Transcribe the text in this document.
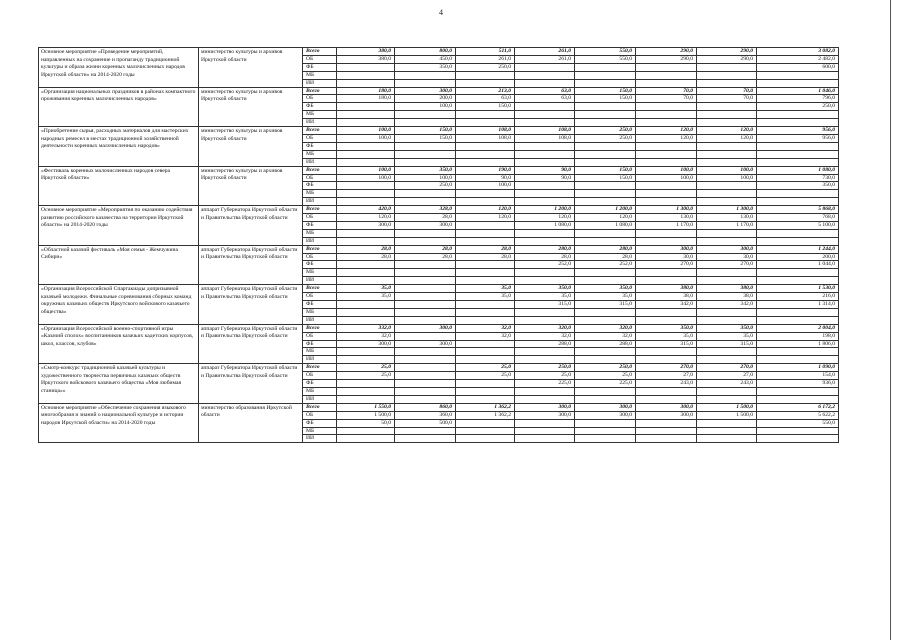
4
Основное мероприятие «Проведение мероприятий, направленных на сохранение и пропаганду традиционной культуры и образа жизни коренных малочисленных народов Иркутской области» на 2014-2020 годы	министерство культуры и архивов Иркутской области	Всего	380,0	800,0	511,0	261,0	550,0	290,0	290,0	3 082,0
		ОБ	380,0	450,0	261,0	261,0	550,0	290,0	290,0	2 482,0
		ФБ		350,0	250,0					600,0
		МБ								
		ИИ								
«Организация национальных праздников в районах компактного проживания коренных малочисленных народов»	министерство культуры и архивов Иркутской области	Всего	180,0	300,0	213,0	63,0	150,0	70,0	70,0	1 046,0
		ОБ	180,0	200,0	63,0	63,0	150,0	70,0	70,0	796,0
		ФБ		100,0	150,0					250,0
		МБ								
		ИИ								
«Приобретение сырья, расходных материалов для мастерских народных ремесел в местах традиционной хозяйственной деятельности коренных малочисленных народов»	министерство культуры и архивов Иркутской области	Всего	100,0	150,0	108,0	108,0	250,0	120,0	120,0	956,0
		ОБ	100,0	150,0	108,0	108,0	250,0	120,0	120,0	956,0
		ФБ								
		МБ								
		ИИ								
«Фестиваль коренных малочисленных народов севера Иркутской области»	министерство культуры и архивов Иркутской области	Всего	100,0	350,0	190,0	90,0	150,0	100,0	100,0	1 080,0
		ОБ	100,0	100,0	90,0	90,0	150,0	100,0	100,0	730,0
		ФБ		250,0	100,0					350,0
		МБ								
		ИИ								
Основное мероприятие «Мероприятия по оказанию содействия развитию российского казачества на территории Иркутской области» на 2014-2020 годы	аппарат Губернатора Иркутской области и Правительства Иркутской области	Всего	420,0	328,0	120,0	1 200,0	1 200,0	1 300,0	1 300,0	5 868,0
		ОБ	120,0	28,0	120,0	120,0	120,0	130,0	130,0	768,0
		ФБ	300,0	300,0		1 080,0	1 080,0	1 170,0	1 170,0	5 100,0
		МБ								
		ИИ								
«Областной казачий фестиваль «Моя семья - Жемчужина Сибири»	аппарат Губернатора Иркутской области и Правительства Иркутской области	Всего	28,0	28,0	28,0	280,0	280,0	300,0	300,0	1 244,0
		ОБ	28,0	28,0	28,0	28,0	28,0	30,0	30,0	200,0
		ФБ				252,0	252,0	270,0	270,0	1 044,0
		МБ								
		ИИ								
«Организация Всероссийской Спартакиады допризывной казачьей молодежи. Финальные соревнования сборных команд окружных казачьих обществ Иркутского войскового казачьего общества»	аппарат Губернатора Иркутской области и Правительства Иркутской области	Всего	35,0		35,0	350,0	350,0	380,0	380,0	1 530,0
		ОБ	35,0		35,0	35,0	35,0	38,0	38,0	216,0
		ФБ				315,0	315,0	342,0	342,0	1 314,0
		МБ								
		ИИ								
«Организация Всероссийской военно-спортивной игры «Казачий сполох» воспитанников казачьих кадетских корпусов, школ, классов, клубов»	аппарат Губернатора Иркутской области и Правительства Иркутской области	Всего	332,0	300,0	32,0	320,0	320,0	350,0	350,0	2 004,0
		ОБ	32,0		32,0	32,0	32,0	35,0	35,0	198,0
		ФБ	300,0	300,0		288,0	288,0	315,0	315,0	1 806,0
		МБ								
		ИИ								
«Смотр-конкурс традиционной казачьей культуры и художественного творчества первичных казачьих обществ Иркутского войскового казачьего общества «Моя любимая станица»»	аппарат Губернатора Иркутской области и Правительства Иркутской области	Всего	25,0		25,0	250,0	250,0	270,0	270,0	1 090,0
		ОБ	25,0		25,0	25,0	25,0	27,0	27,0	154,0
		ФБ				225,0	225,0	243,0	243,0	936,0
		МБ								
		ИИ								
Основное мероприятие «Обеспечение сохранения языкового многообразия и знаний о национальной культуре и истории народов Иркутской области» на 2014-2020 годы	министерство образования Иркутской области	Всего	1 550,0	860,0	1 362,2	300,0	300,0	300,0	1 500,0	6 172,2
		ОБ	1 500,0	360,0	1 362,2	300,0	300,0	300,0	1 500,0	5 622,2
		ФБ	50,0	500,0						550,0
		МБ								
		ИИ								
